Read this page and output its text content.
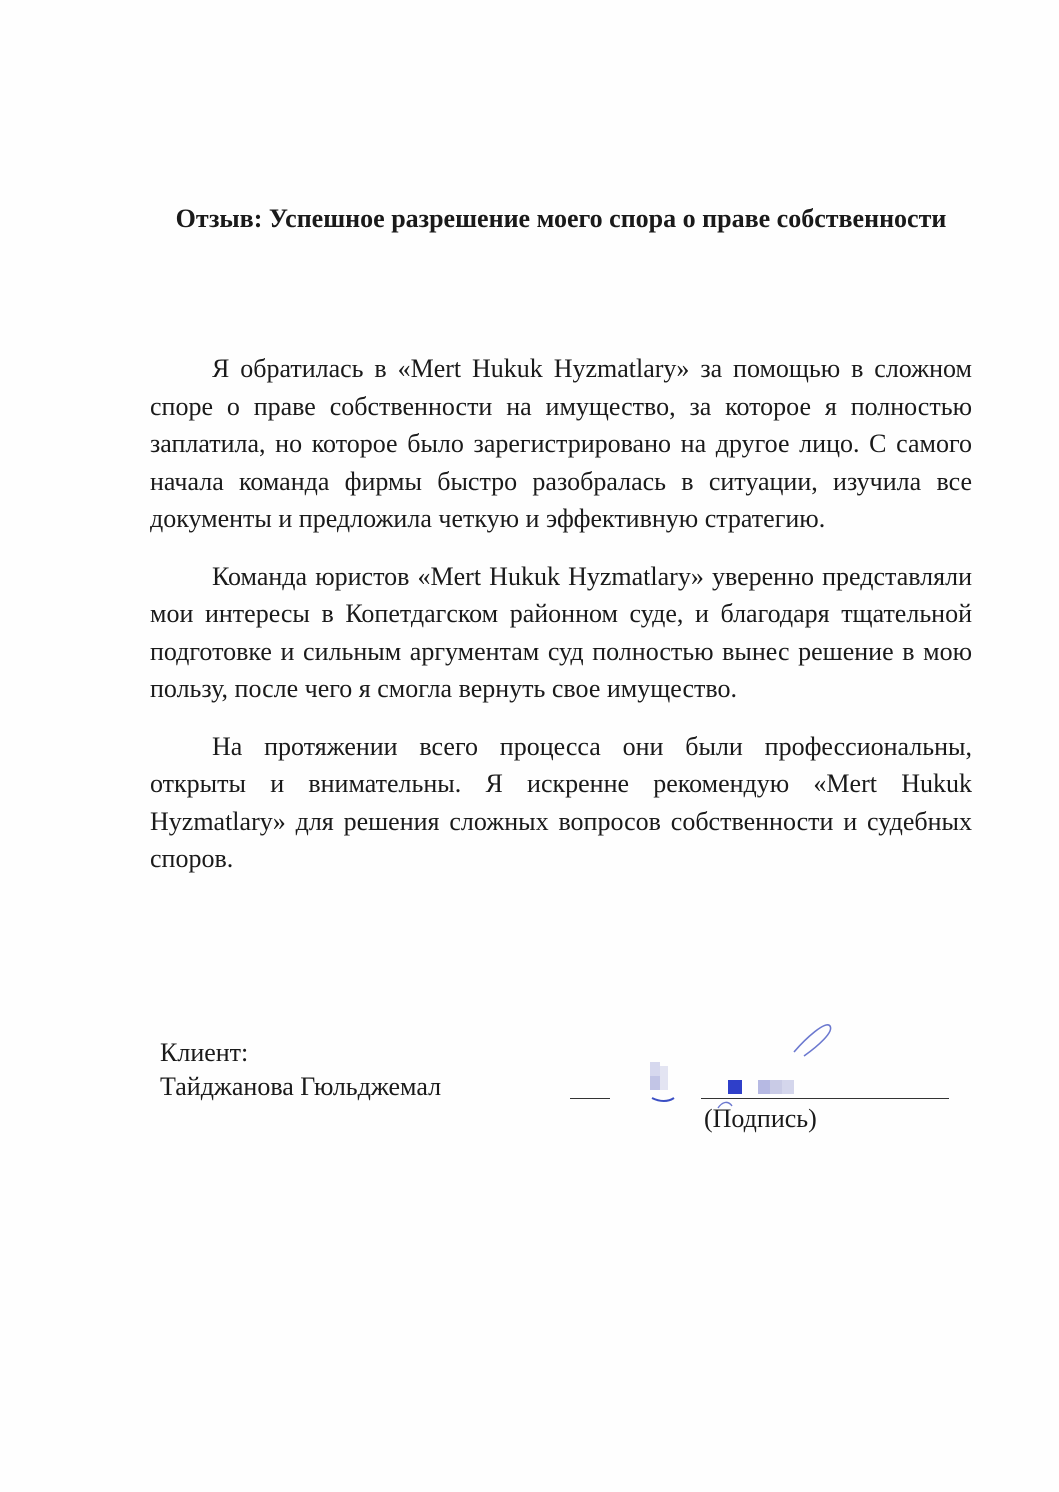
Отзыв: Успешное разрешение моего спора о праве собственности

Я обратилась в «Mert Hukuk Hyzmatlary» за помощью в сложном споре о праве собственности на имущество, за которое я полностью заплатила, но которое было зарегистрировано на другое лицо. С самого начала команда фирмы быстро разобралась в ситуации, изучила все документы и предложила четкую и эффективную стратегию.

Команда юристов «Mert Hukuk Hyzmatlary» уверенно представляли мои интересы в Копетдагском районном суде, и благодаря тщательной подготовке и сильным аргументам суд полностью вынес решение в мою пользу, после чего я смогла вернуть свое имущество.

На протяжении всего процесса они были профессиональны, открыты и внимательны. Я искренне рекомендую «Mert Hukuk Hyzmatlary» для решения сложных вопросов собственности и судебных споров.

Клиент:
Тайджанова Гюльджемал
(Подпись)
